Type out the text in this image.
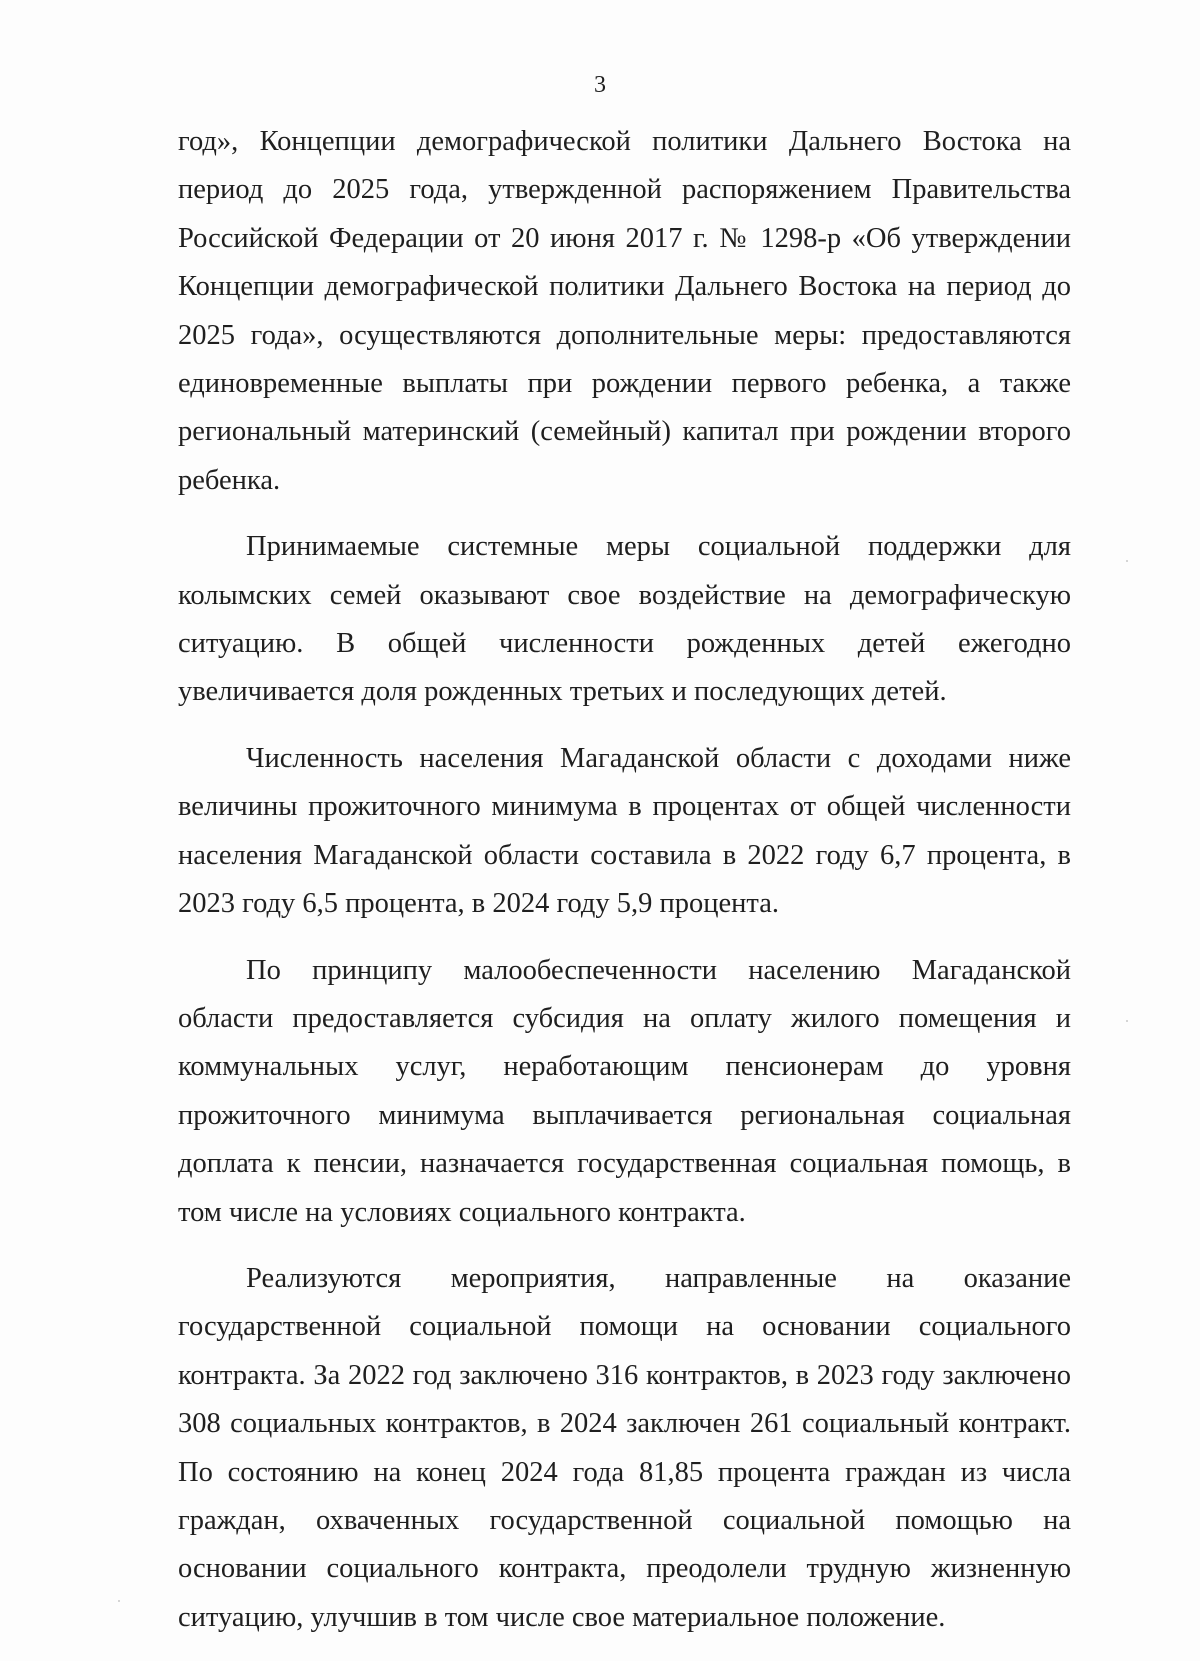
3

год», Концепции демографической политики Дальнего Востока на период до 2025 года, утвержденной распоряжением Правительства Российской Федерации от 20 июня 2017 г. № 1298-р «Об утверждении Концепции демографической политики Дальнего Востока на период до 2025 года», осуществляются дополнительные меры: предоставляются единовременные выплаты при рождении первого ребенка, а также региональный материнский (семейный) капитал при рождении второго ребенка.

Принимаемые системные меры социальной поддержки для колымских семей оказывают свое воздействие на демографическую ситуацию. В общей численности рожденных детей ежегодно увеличивается доля рожденных третьих и последующих детей.

Численность населения Магаданской области с доходами ниже величины прожиточного минимума в процентах от общей численности населения Магаданской области составила в 2022 году 6,7 процента, в 2023 году 6,5 процента, в 2024 году 5,9 процента.

По принципу малообеспеченности населению Магаданской области предоставляется субсидия на оплату жилого помещения и коммунальных услуг, неработающим пенсионерам до уровня прожиточного минимума выплачивается региональная социальная доплата к пенсии, назначается государственная социальная помощь, в том числе на условиях социального контракта.

Реализуются мероприятия, направленные на оказание государственной социальной помощи на основании социального контракта. За 2022 год заключено 316 контрактов, в 2023 году заключено 308 социальных контрактов, в 2024 заключен 261 социальный контракт. По состоянию на конец 2024 года 81,85 процента граждан из числа граждан, охваченных государственной социальной помощью на основании социального контракта, преодолели трудную жизненную ситуацию, улучшив в том числе свое материальное положение.
